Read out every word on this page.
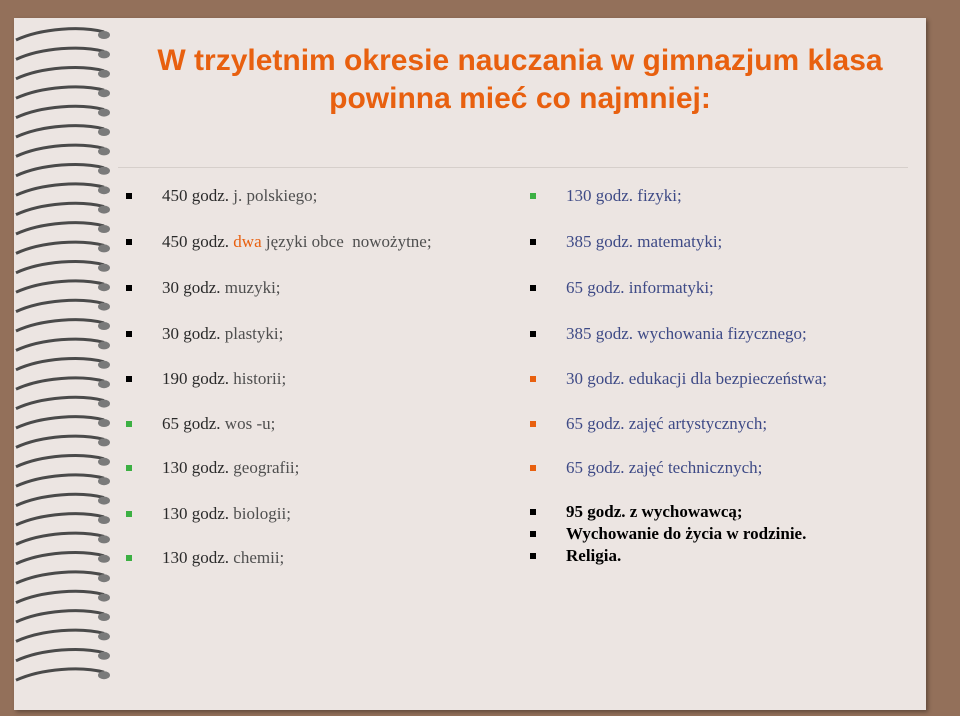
W trzyletnim okresie nauczania w gimnazjum klasa
powinna mieć co najmniej:
450 godz. j. polskiego;
450 godz. dwa języki obce  nowożytne;
30 godz. muzyki;
30 godz. plastyki;
190 godz. historii;
65 godz. wos -u;
130 godz. geografii;
130 godz. biologii;
130 godz. chemii;
130 godz. fizyki;
385 godz. matematyki;
65 godz. informatyki;
385 godz. wychowania fizycznego;
30 godz. edukacji dla bezpieczeństwa;
65 godz. zajęć artystycznych;
65 godz. zajęć technicznych;
95 godz. z wychowawcą;
Wychowanie do życia w rodzinie.
Religia.
